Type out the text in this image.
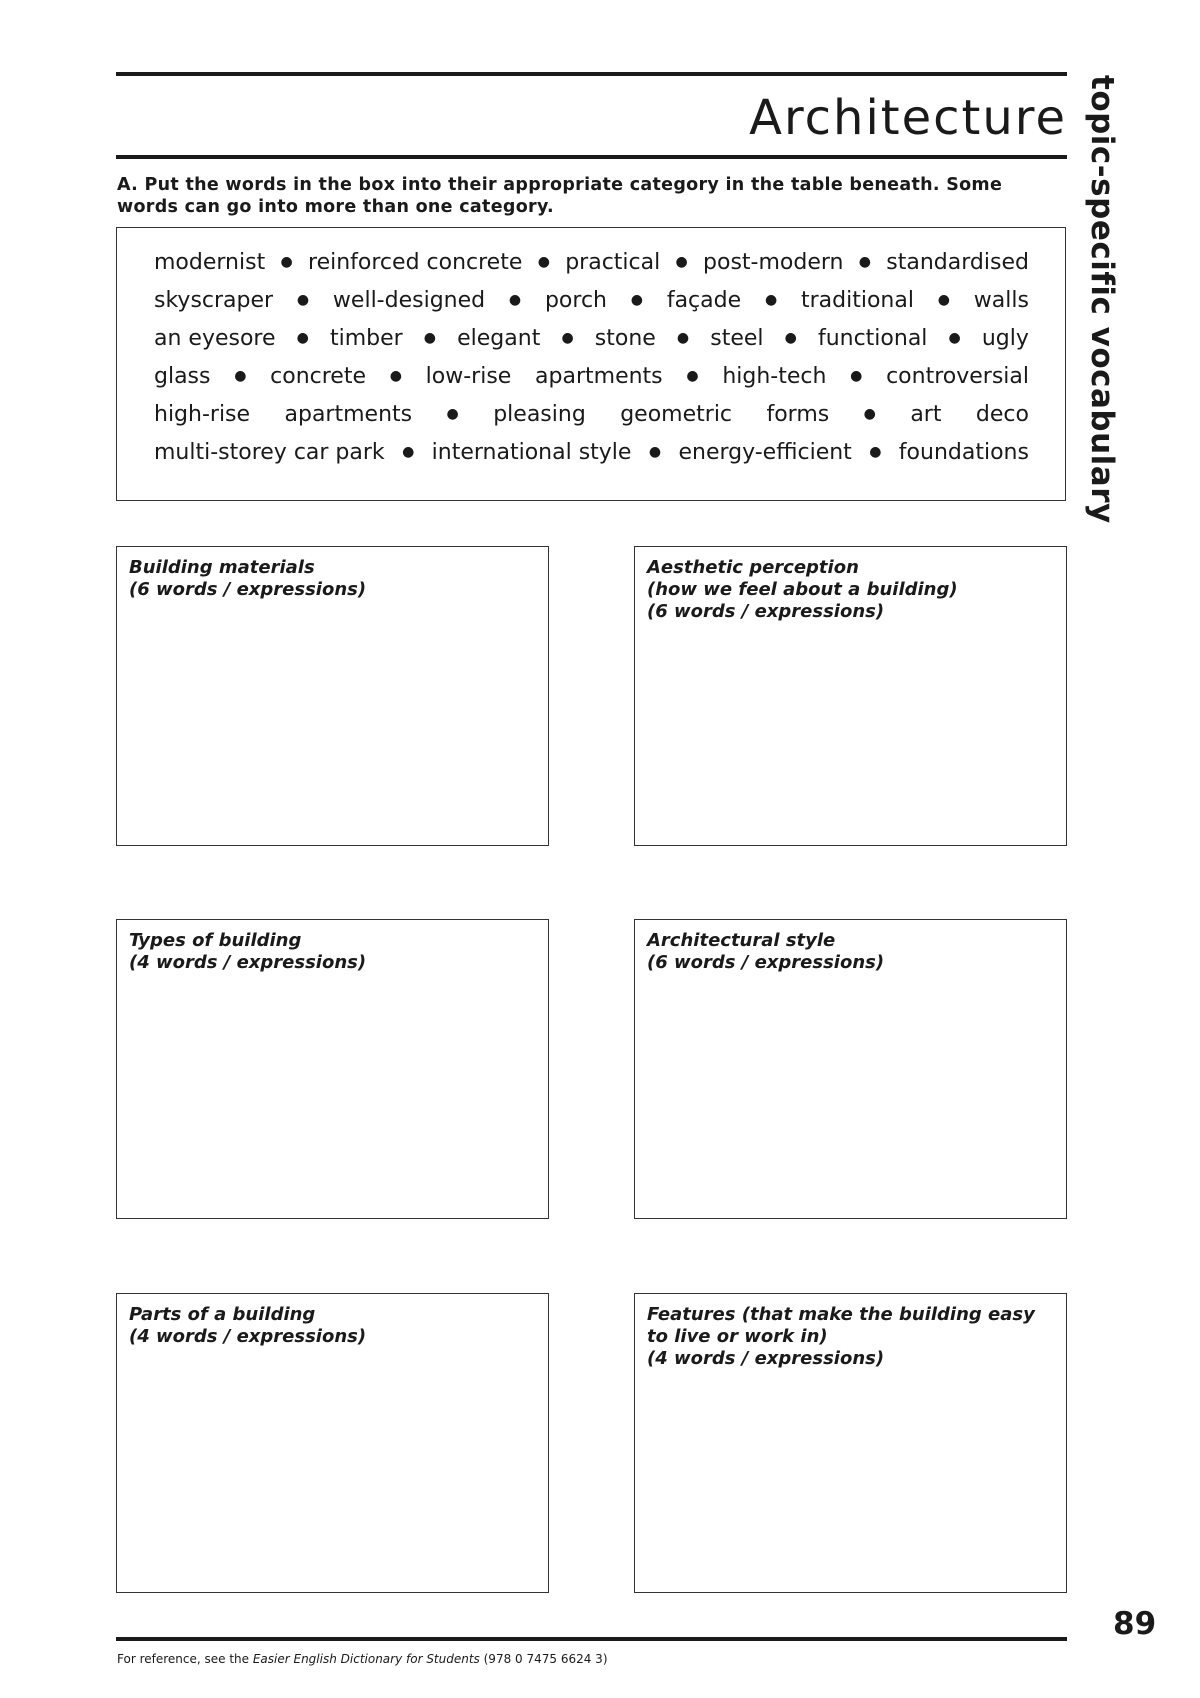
Architecture topic-specific vocabulary
A. Put the words in the box into their appropriate category in the table beneath. Some words can go into more than one category.
modernist ● reinforced concrete ● practical ● post-modern ● standardised
skyscraper ● well-designed ● porch ● façade ● traditional ● walls
an eyesore ● timber ● elegant ● stone ● steel ● functional ● ugly
glass ● concrete ● low-rise apartments ● high-tech ● controversial
high-rise apartments ● pleasing geometric forms ● art deco
multi-storey car park ● international style ● energy-efficient ● foundations
Building materials
(6 words / expressions)
Aesthetic perception
(how we feel about a building)
(6 words / expressions)
Types of building
(4 words / expressions)
Architectural style
(6 words / expressions)
Parts of a building
(4 words / expressions)
Features (that make the building easy
to live or work in)
(4 words / expressions)
89
For reference, see the Easier English Dictionary for Students (978 0 7475 6624 3)
